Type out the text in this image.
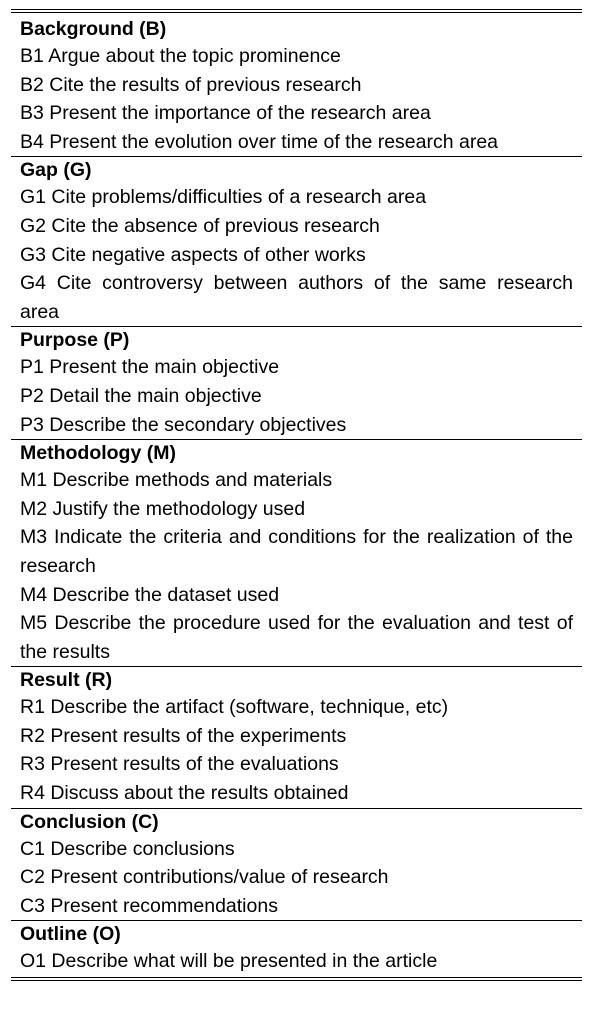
Background (B)
B1 Argue about the topic prominence
B2 Cite the results of previous research
B3 Present the importance of the research area
B4 Present the evolution over time of the research area
Gap (G)
G1 Cite problems/difficulties of a research area
G2 Cite the absence of previous research
G3 Cite negative aspects of other works
G4 Cite controversy between authors of the same research area
Purpose (P)
P1 Present the main objective
P2 Detail the main objective
P3 Describe the secondary objectives
Methodology (M)
M1 Describe methods and materials
M2 Justify the methodology used
M3 Indicate the criteria and conditions for the realization of the research
M4 Describe the dataset used
M5 Describe the procedure used for the evaluation and test of the results
Result (R)
R1 Describe the artifact (software, technique, etc)
R2 Present results of the experiments
R3 Present results of the evaluations
R4 Discuss about the results obtained
Conclusion (C)
C1 Describe conclusions
C2 Present contributions/value of research
C3 Present recommendations
Outline (O)
O1 Describe what will be presented in the article
